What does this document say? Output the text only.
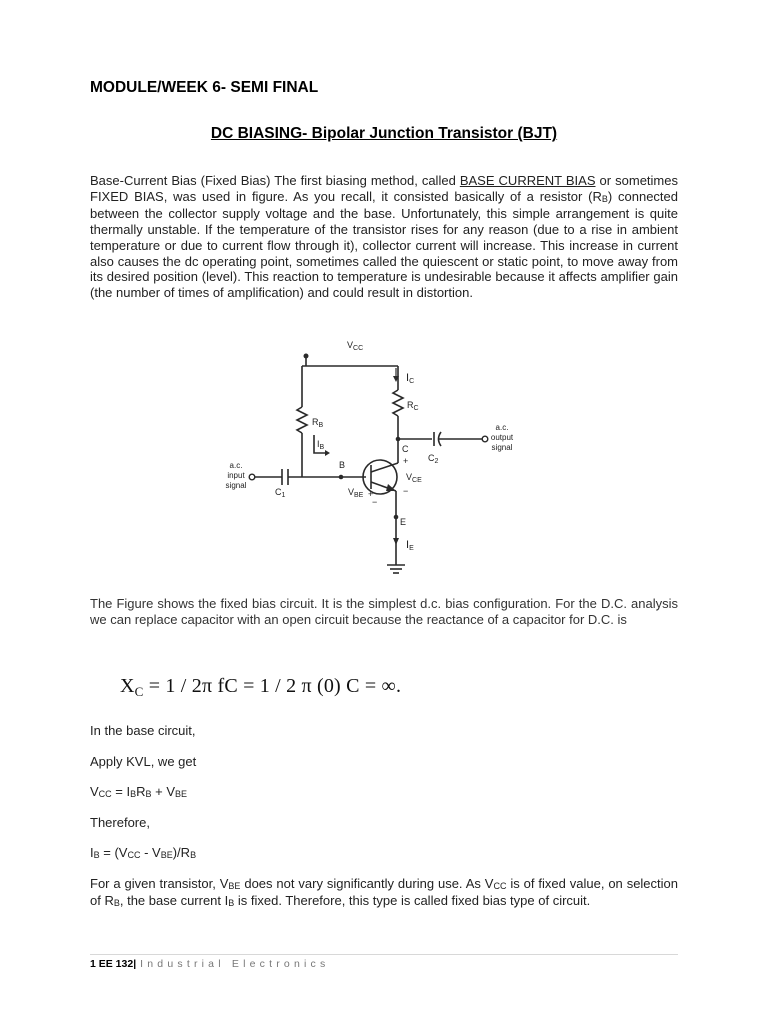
MODULE/WEEK 6- SEMI FINAL
DC BIASING- Bipolar Junction Transistor (BJT)
Base-Current Bias (Fixed Bias) The first biasing method, called BASE CURRENT BIAS or sometimes FIXED BIAS, was used in figure. As you recall, it consisted basically of a resistor (RB) connected between the collector supply voltage and the base. Unfortunately, this simple arrangement is quite thermally unstable. If the temperature of the transistor rises for any reason (due to a rise in ambient temperature or due to current flow through it), collector current will increase. This increase in current also causes the dc operating point, sometimes called the quiescent or static point, to move away from its desired position (level). This reaction to temperature is undesirable because it affects amplifier gain (the number of times of amplification) and could result in distortion.
$V_{CC}$
$I_C$
$R_B$
$R_C$
$I_B$	C
B
E
+
−
$V_{CE}$
+
$V_{BE}$
−
$C_1$
$C_2$
$I_E$
a.c.
input
signal
a.c.
output
signal
The Figure shows the fixed bias circuit. It is the simplest d.c. bias configuration. For the D.C. analysis we can replace capacitor with an open circuit because the reactance of a capacitor for D.C. is
$X_C = 1 / 2\pi$ fC = 1 / 2 π (0) C = ∞.
In the base circuit,
Apply KVL, we get
VCC = IBRB + VBE
Therefore,
IB = (VCC - VBE)/RB
For a given transistor, VBE does not vary significantly during use. As VCC is of fixed value, on selection of RB, the base current IB is fixed. Therefore, this type is called fixed bias type of circuit.
1 EE 132| Industrial Electronics
